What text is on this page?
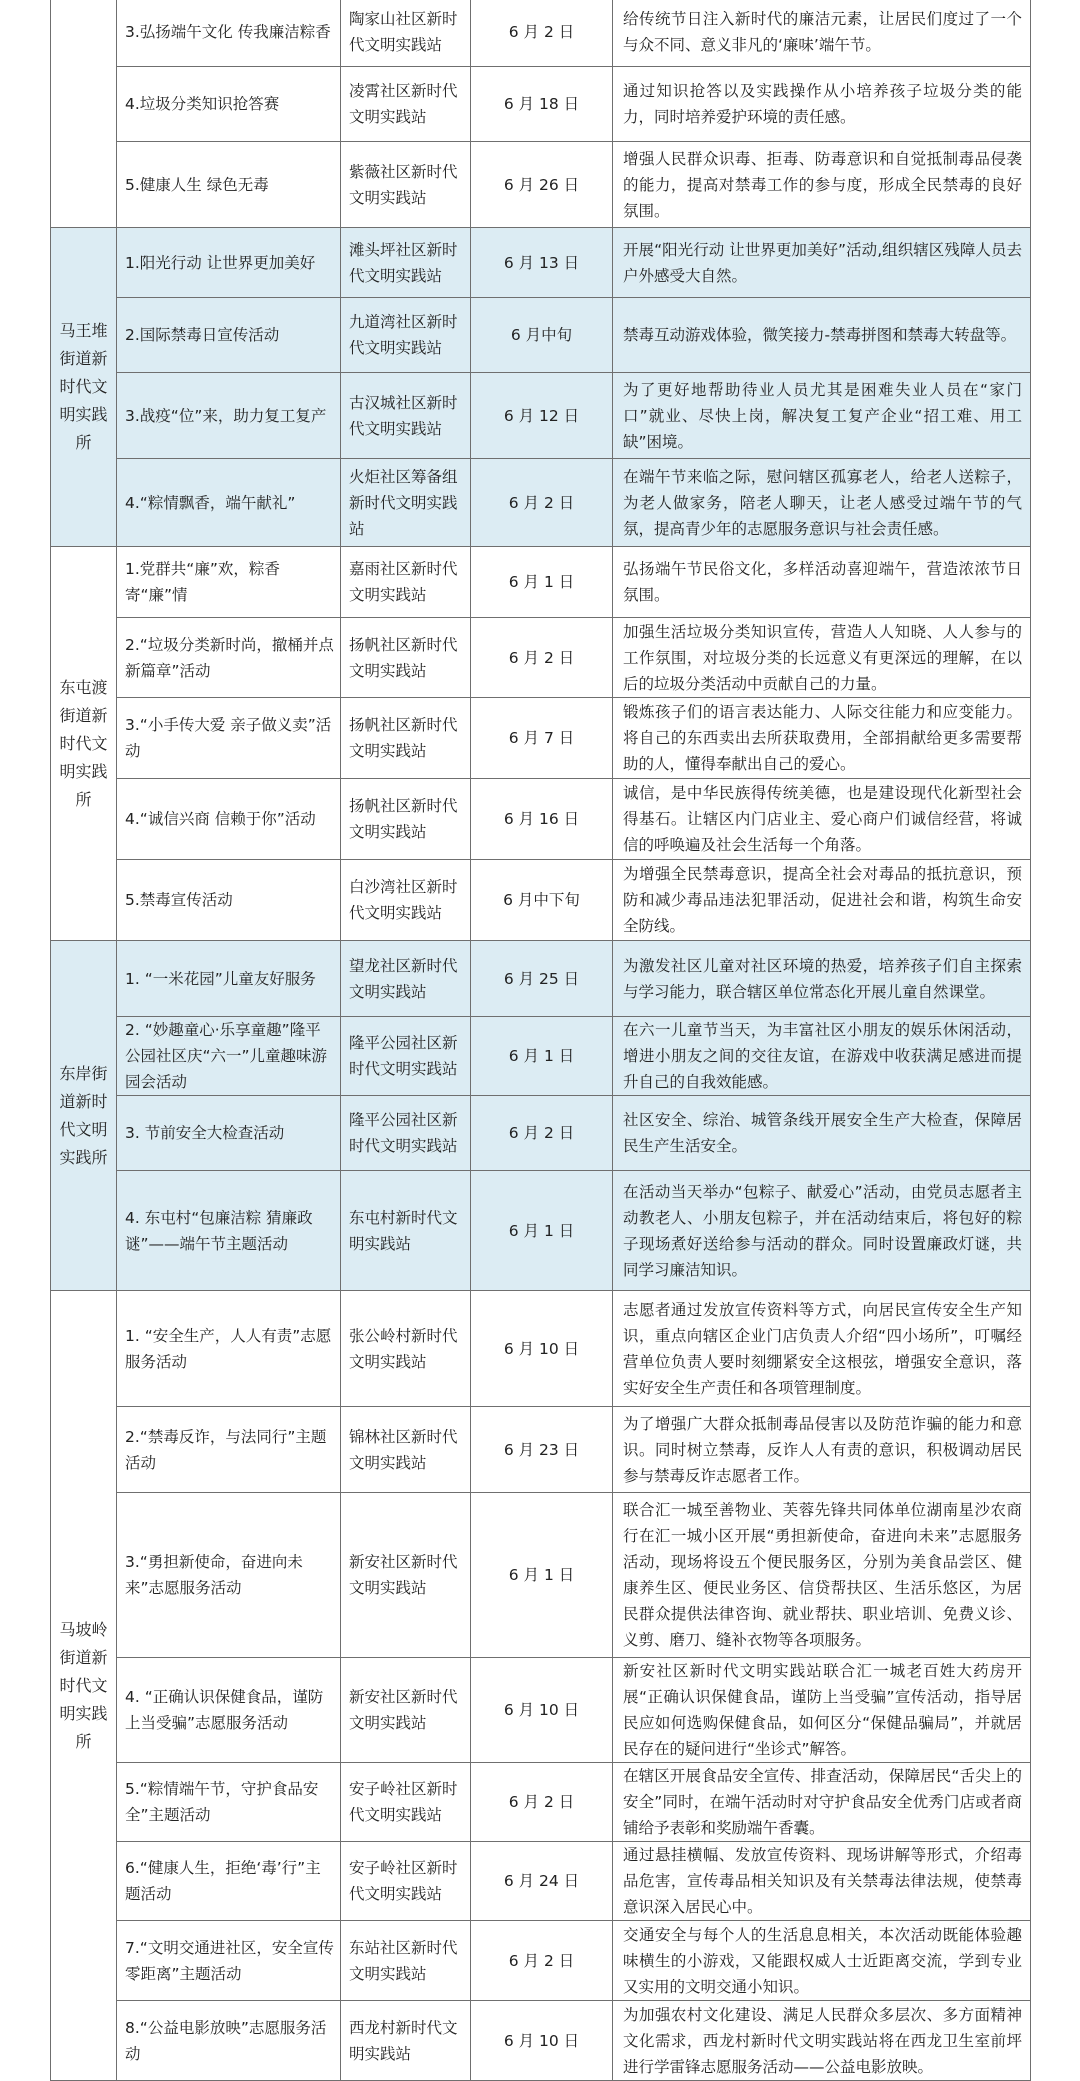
	3.弘扬端午文化 传我廉洁粽香	陶家山社区新时代文明实践站	6 月 2 日	给传统节日注入新时代的廉洁元素，让居民们度过了一个与众不同、意义非凡的‘廉味’端午节。
	4.垃圾分类知识抢答赛	凌霄社区新时代文明实践站	6 月 18 日	通过知识抢答以及实践操作从小培养孩子垃圾分类的能力，同时培养爱护环境的责任感。
	5.健康人生 绿色无毒	紫薇社区新时代文明实践站	6 月 26 日	增强人民群众识毒、拒毒、防毒意识和自觉抵制毒品侵袭的能力，提高对禁毒工作的参与度，形成全民禁毒的良好氛围。
马王堆街道新时代文明实践所	1.阳光行动 让世界更加美好	滩头坪社区新时代文明实践站	6 月 13 日	开展“阳光行动 让世界更加美好”活动,组织辖区残障人员去户外感受大自然。
	2.国际禁毒日宣传活动	九道湾社区新时代文明实践站	6 月中旬	禁毒互动游戏体验，微笑接力-禁毒拼图和禁毒大转盘等。
	3.战疫“位”来，助力复工复产	古汉城社区新时代文明实践站	6 月 12 日	为了更好地帮助待业人员尤其是困难失业人员在“家门口”就业、尽快上岗，解决复工复产企业“招工难、用工缺”困境。
	4.“粽情飘香，端午献礼”	火炬社区筹备组新时代文明实践站	6 月 2 日	在端午节来临之际，慰问辖区孤寡老人，给老人送粽子，为老人做家务，陪老人聊天，让老人感受过端午节的气氛，提高青少年的志愿服务意识与社会责任感。
东屯渡街道新时代文明实践所	1.党群共“廉”欢，粽香寄“廉”情	嘉雨社区新时代文明实践站	6 月 1 日	弘扬端午节民俗文化，多样活动喜迎端午，营造浓浓节日氛围。
	2.“垃圾分类新时尚，撤桶并点新篇章”活动	扬帆社区新时代文明实践站	6 月 2 日	加强生活垃圾分类知识宣传，营造人人知晓、人人参与的工作氛围，对垃圾分类的长远意义有更深远的理解，在以后的垃圾分类活动中贡献自己的力量。
	3.“小手传大爱 亲子做义卖”活动	扬帆社区新时代文明实践站	6 月 7 日	锻炼孩子们的语言表达能力、人际交往能力和应变能力。将自己的东西卖出去所获取费用，全部捐献给更多需要帮助的人，懂得奉献出自己的爱心。
	4.“诚信兴商 信赖于你”活动	扬帆社区新时代文明实践站	6 月 16 日	诚信，是中华民族得传统美德，也是建设现代化新型社会得基石。让辖区内门店业主、爱心商户们诚信经营，将诚信的呼唤遍及社会生活每一个角落。
	5.禁毒宣传活动	白沙湾社区新时代文明实践站	6 月中下旬	为增强全民禁毒意识，提高全社会对毒品的抵抗意识，预防和减少毒品违法犯罪活动，促进社会和谐，构筑生命安全防线。
东岸街道新时代文明实践所	1. “一米花园”儿童友好服务	望龙社区新时代文明实践站	6 月 25 日	为激发社区儿童对社区环境的热爱，培养孩子们自主探索与学习能力，联合辖区单位常态化开展儿童自然课堂。
	2. “妙趣童心·乐享童趣”隆平公园社区庆“六一”儿童趣味游园会活动	隆平公园社区新时代文明实践站	6 月 1 日	在六一儿童节当天，为丰富社区小朋友的娱乐休闲活动，增进小朋友之间的交往友谊，在游戏中收获满足感进而提升自己的自我效能感。
	3. 节前安全大检查活动	隆平公园社区新时代文明实践站	6 月 2 日	社区安全、综治、城管条线开展安全生产大检查，保障居民生产生活安全。
	4. 东屯村“包廉洁粽 猜廉政谜”——端午节主题活动	东屯村新时代文明实践站	6 月 1 日	在活动当天举办“包粽子、献爱心”活动，由党员志愿者主动教老人、小朋友包粽子，并在活动结束后，将包好的粽子现场煮好送给参与活动的群众。同时设置廉政灯谜，共同学习廉洁知识。
马坡岭街道新时代文明实践所	1. “安全生产，人人有责”志愿服务活动	张公岭村新时代文明实践站	6 月 10 日	志愿者通过发放宣传资料等方式，向居民宣传安全生产知识，重点向辖区企业门店负责人介绍“四小场所”，叮嘱经营单位负责人要时刻绷紧安全这根弦，增强安全意识，落实好安全生产责任和各项管理制度。
	2.“禁毒反诈，与法同行”主题活动	锦林社区新时代文明实践站	6 月 23 日	为了增强广大群众抵制毒品侵害以及防范诈骗的能力和意识。同时树立禁毒，反诈人人有责的意识，积极调动居民参与禁毒反诈志愿者工作。
	3.“勇担新使命，奋进向未来”志愿服务活动	新安社区新时代文明实践站	6 月 1 日	联合汇一城至善物业、芙蓉先锋共同体单位湖南星沙农商行在汇一城小区开展“勇担新使命，奋进向未来”志愿服务活动，现场将设五个便民服务区，分别为美食品尝区、健康养生区、便民业务区、信贷帮扶区、生活乐悠区，为居民群众提供法律咨询、就业帮扶、职业培训、免费义诊、义剪、磨刀、缝补衣物等各项服务。
	4. “正确认识保健食品，谨防上当受骗”志愿服务活动	新安社区新时代文明实践站	6 月 10 日	新安社区新时代文明实践站联合汇一城老百姓大药房开展“正确认识保健食品，谨防上当受骗”宣传活动，指导居民应如何选购保健食品，如何区分“保健品骗局”，并就居民存在的疑问进行“坐诊式”解答。
	5.“粽情端午节，守护食品安全”主题活动	安子岭社区新时代文明实践站	6 月 2 日	在辖区开展食品安全宣传、排查活动，保障居民“舌尖上的安全”同时，在端午活动时对守护食品安全优秀门店或者商铺给予表彰和奖励端午香囊。
	6.“健康人生，拒绝‘毒’行”主题活动	安子岭社区新时代文明实践站	6 月 24 日	通过悬挂横幅、发放宣传资料、现场讲解等形式，介绍毒品危害，宣传毒品相关知识及有关禁毒法律法规，使禁毒意识深入居民心中。
	7.“文明交通进社区，安全宣传零距离”主题活动	东站社区新时代文明实践站	6 月 2 日	交通安全与每个人的生活息息相关，本次活动既能体验趣味横生的小游戏，又能跟权威人士近距离交流，学到专业又实用的文明交通小知识。
	8.“公益电影放映”志愿服务活动	西龙村新时代文明实践站	6 月 10 日	为加强农村文化建设、满足人民群众多层次、多方面精神文化需求，西龙村新时代文明实践站将在西龙卫生室前坪进行学雷锋志愿服务活动——公益电影放映。
